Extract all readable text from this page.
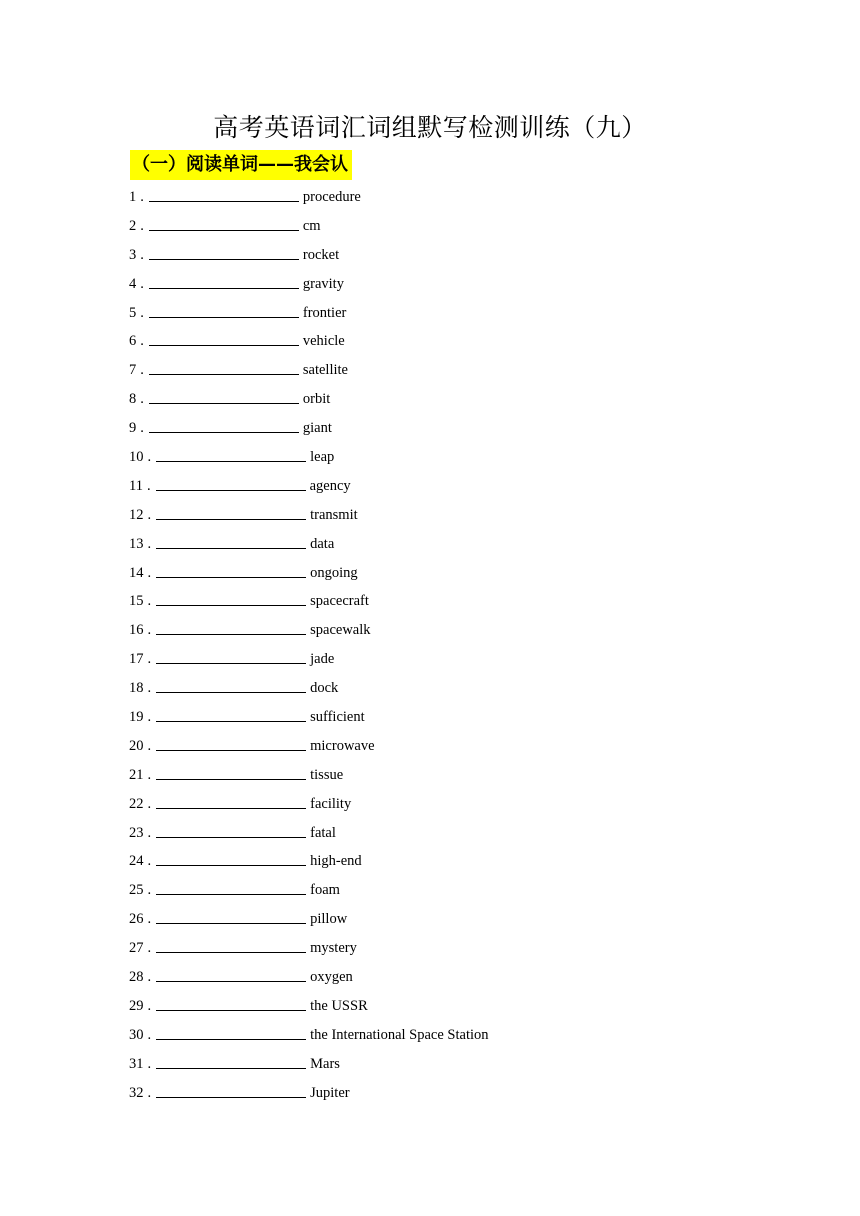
高考英语词汇词组默写检测训练（九）
（一）阅读单词——我会认
1 .	procedure
2 .	cm
3 .	rocket
4 .	gravity
5 .	frontier
6 .	vehicle
7 .	satellite
8 .	orbit
9 .	giant
10 .	leap
11 .	agency
12 .	transmit
13 .	data
14 .	ongoing
15 .	spacecraft
16 .	spacewalk
17 .	jade
18 .	dock
19 .	sufficient
20 .	microwave
21 .	tissue
22 .	facility
23 .	fatal
24 .	high-end
25 .	foam
26 .	pillow
27 .	mystery
28 .	oxygen
29 .	the USSR
30 .	the International Space Station
31 .	Mars
32 .	Jupiter
